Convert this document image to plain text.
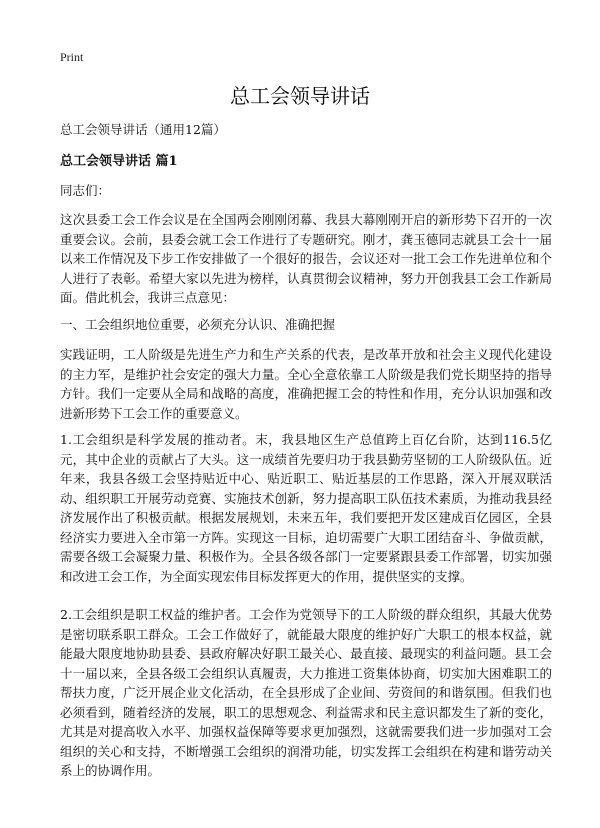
Print
总工会领导讲话

总工会领导讲话（通用12篇）

总工会领导讲话 篇1

同志们：

这次县委工会工作会议是在全国两会刚刚闭幕、我县大幕刚刚开启的新形势下召开的一次重要会议。会前，县委会就工会工作进行了专题研究。刚才，龚玉德同志就县工会十一届以来工作情况及下步工作安排做了一个很好的报告，会议还对一批工会工作先进单位和个人进行了表彰。希望大家以先进为榜样，认真贯彻会议精神，努力开创我县工会工作新局面。借此机会，我讲三点意见：

一、工会组织地位重要，必须充分认识、准确把握

实践证明，工人阶级是先进生产力和生产关系的代表，是改革开放和社会主义现代化建设的主力军，是维护社会安定的强大力量。全心全意依靠工人阶级是我们党长期坚持的指导方针。我们一定要从全局和战略的高度，准确把握工会的特性和作用，充分认识加强和改进新形势下工会工作的重要意义。

1.工会组织是科学发展的推动者。末，我县地区生产总值跨上百亿台阶，达到116.5亿元，其中企业的贡献占了大头。这一成绩首先要归功于我县勤劳坚韧的工人阶级队伍。近年来，我县各级工会坚持贴近中心、贴近职工、贴近基层的工作思路，深入开展双联活动、组织职工开展劳动竞赛、实施技术创新，努力提高职工队伍技术素质，为推动我县经济发展作出了积极贡献。根据发展规划，未来五年，我们要把开发区建成百亿园区，全县经济实力要进入全市第一方阵。实现这一目标，迫切需要广大职工团结奋斗、争做贡献，需要各级工会凝聚力量、积极作为。全县各级各部门一定要紧跟县委工作部署，切实加强和改进工会工作，为全面实现宏伟目标发挥更大的作用，提供坚实的支撑。

2.工会组织是职工权益的维护者。工会作为党领导下的工人阶级的群众组织，其最大优势是密切联系职工群众。工会工作做好了，就能最大限度的维护好广大职工的根本权益，就能最大限度地协助县委、县政府解决好职工最关心、最直接、最现实的利益问题。县工会十一届以来，全县各级工会组织认真履责，大力推进工资集体协商，切实加大困难职工的帮扶力度，广泛开展企业文化活动，在全县形成了企业间、劳资间的和谐氛围。但我们也必须看到，随着经济的发展，职工的思想观念、利益需求和民主意识都发生了新的变化，尤其是对提高收入水平、加强权益保障等要求更加强烈，这就需要我们进一步加强对工会组织的关心和支持，不断增强工会组织的润滑功能，切实发挥工会组织在构建和谐劳动关系上的协调作用。
